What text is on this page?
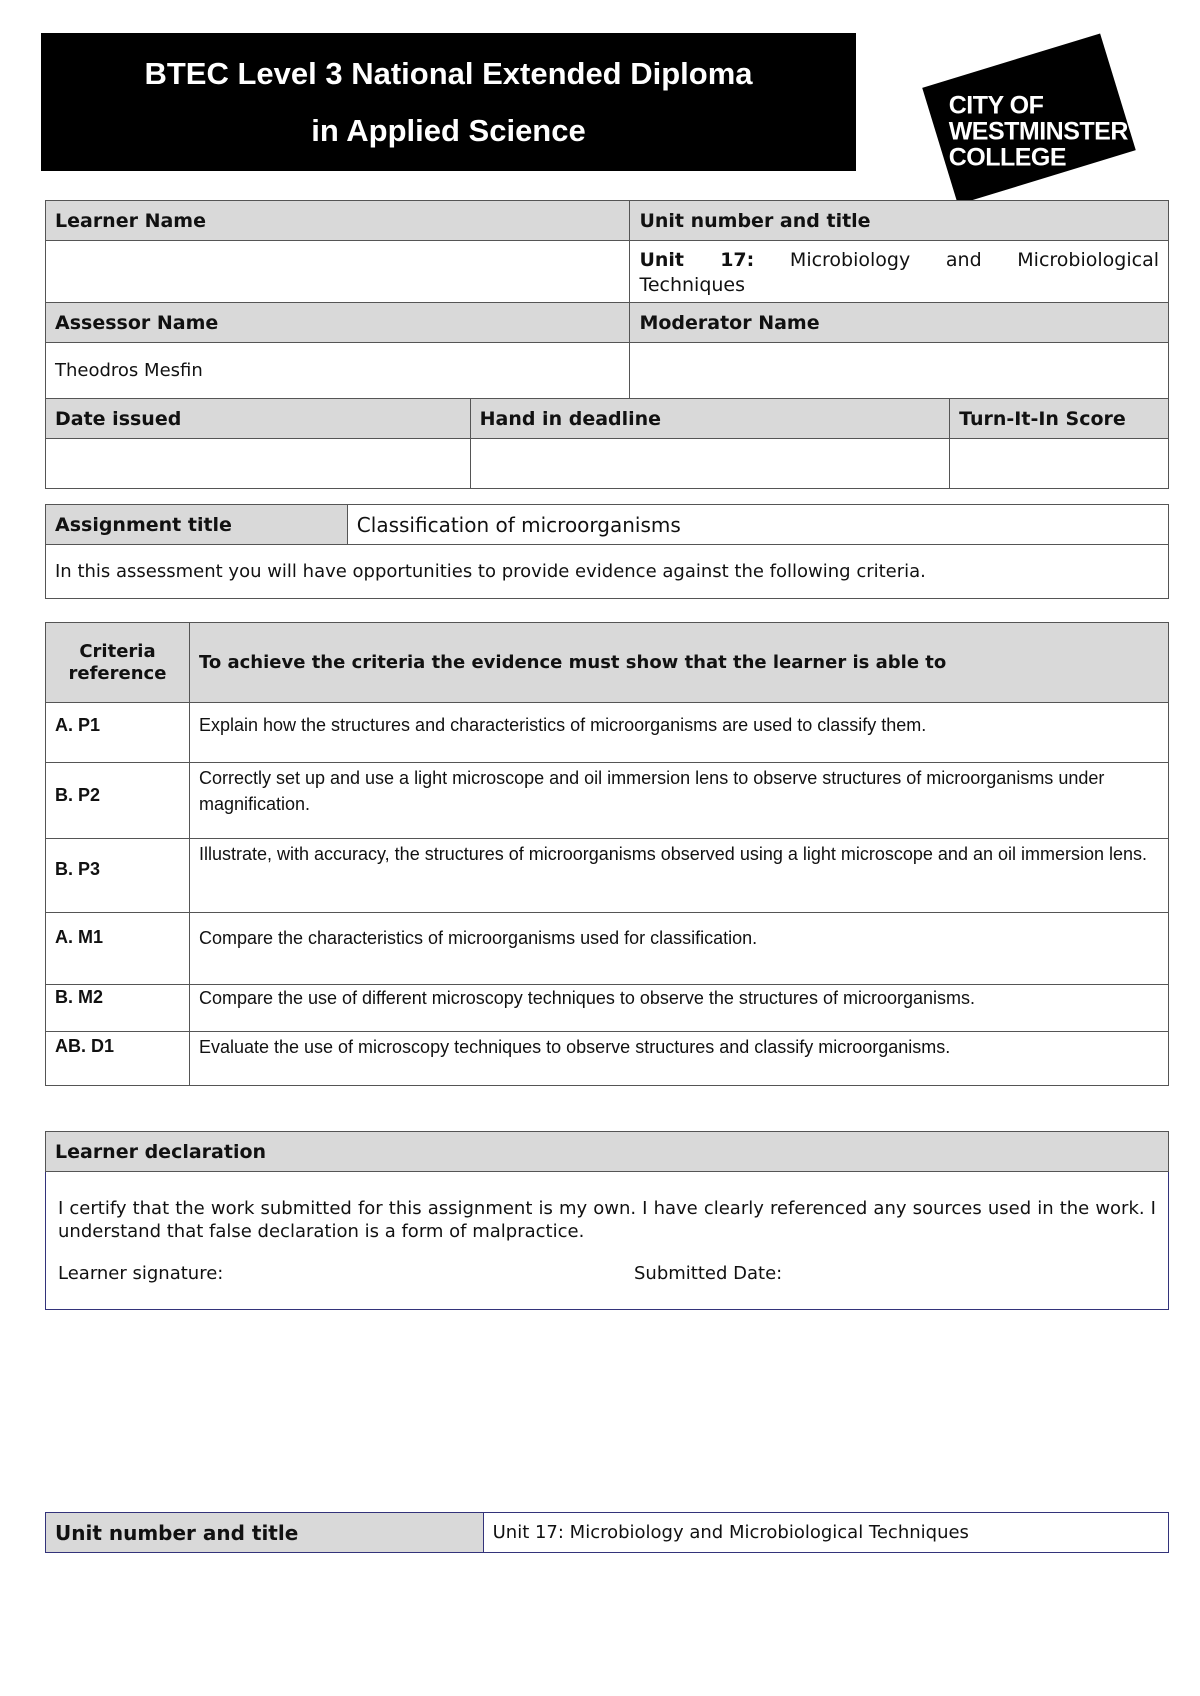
BTEC Level 3 National Extended Diploma
in Applied Science
CITY OF
WESTMINSTER
COLLEGE
Learner Name		Unit number and title	

		Unit 17: Microbiology and Microbiological
Techniques	

Assessor Name		Moderator Name	
Theodros Mesfin			
Date issued	Hand in deadline		Turn-It-In Score

Assignment title	Classification of microorganisms
In this assessment you will have opportunities to provide evidence against the following criteria.
Criteria reference	To achieve the criteria the evidence must show that the learner is able to
A. P1	Explain how the structures and characteristics of microorganisms are used to classify them.
B. P2	Correctly set up and use a light microscope and oil immersion lens to observe structures of microorganisms under magnification.
B. P3	Illustrate, with accuracy, the structures of microorganisms observed using a light microscope and an oil immersion lens.
A. M1	Compare the characteristics of microorganisms used for classification.
B. M2	Compare the use of different microscopy techniques to observe the structures of microorganisms.
AB. D1	Evaluate the use of microscopy techniques to observe structures and classify microorganisms.
Learner declaration

I certify that the work submitted for this assignment is my own. I have clearly referenced any sources used in the work. I understand that false declaration is a form of malpractice.
Learner signature:	Submitted Date:
Unit number and title	Unit 17: Microbiology and Microbiological Techniques
